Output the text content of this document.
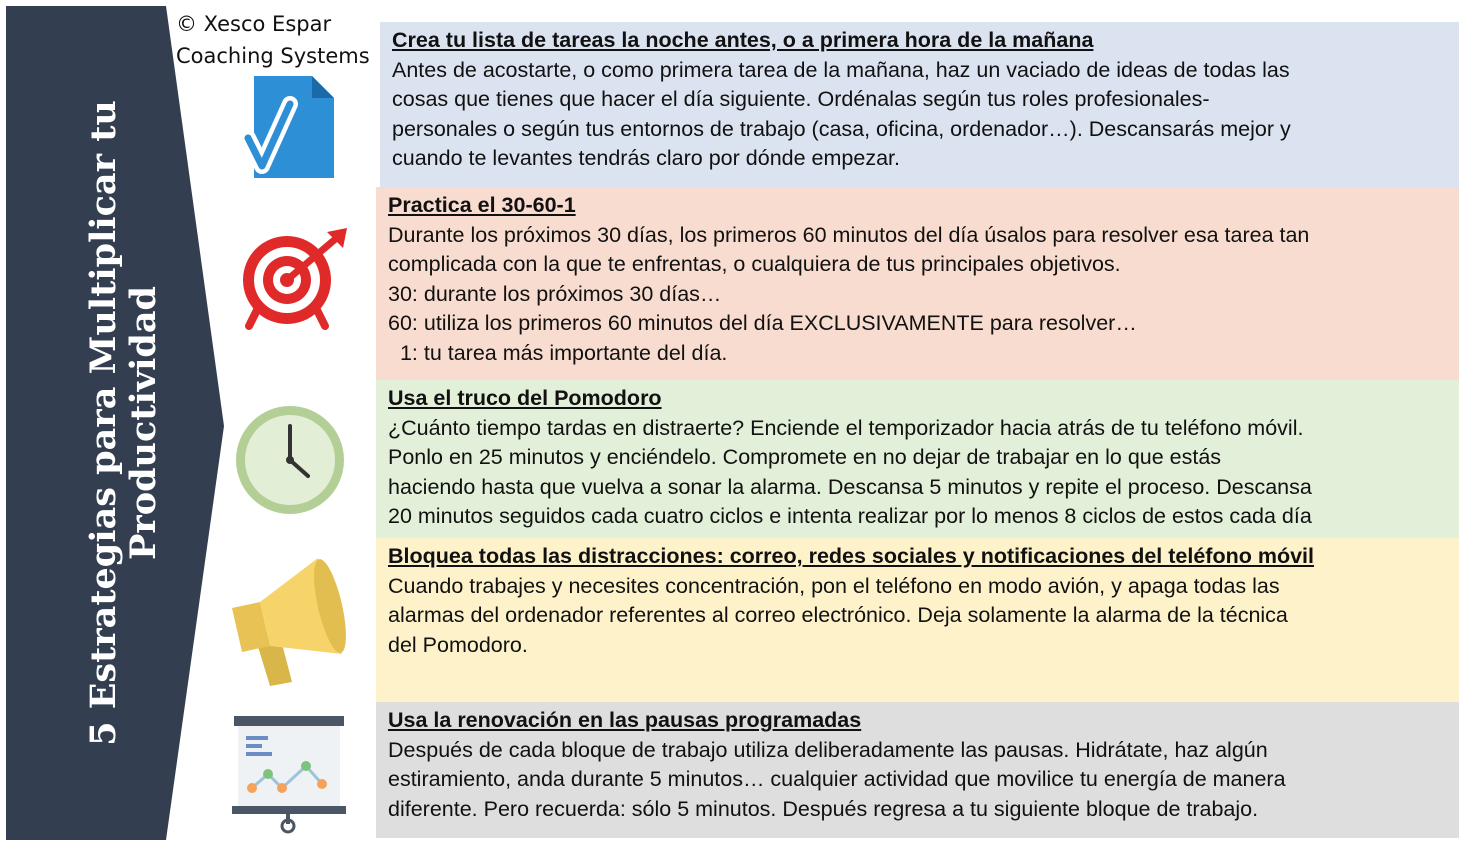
5 Estrategias para Multiplicar tu Productividad
© Xesco Espar Coaching Systems
Crea tu lista de tareas la noche antes, o a primera hora de la mañana
Antes de acostarte, o como primera tarea de la mañana, haz un vaciado de ideas de todas las
cosas que tienes que hacer el día siguiente. Ordénalas según tus roles profesionales-
personales o según tus entornos de trabajo (casa, oficina, ordenador…). Descansarás mejor y
cuando te levantes tendrás claro por dónde empezar.
Practica el 30-60-1
Durante los próximos 30 días, los primeros 60 minutos del día úsalos para resolver esa tarea tan
complicada con la que te enfrentas, o cualquiera de tus principales objetivos.
30: durante los próximos 30 días…
60: utiliza los primeros 60 minutos del día EXCLUSIVAMENTE para resolver…
1: tu tarea más importante del día.
Usa el truco del Pomodoro
¿Cuánto tiempo tardas en distraerte? Enciende el temporizador hacia atrás de tu teléfono móvil.
Ponlo en 25 minutos y enciéndelo. Compromete en no dejar de trabajar en lo que estás
haciendo hasta que vuelva a sonar la alarma. Descansa 5 minutos y repite el proceso. Descansa
20 minutos seguidos cada cuatro ciclos e intenta realizar por lo menos 8 ciclos de estos cada día
Bloquea todas las distracciones: correo, redes sociales y notificaciones del teléfono móvil
Cuando trabajes y necesites concentración, pon el teléfono en modo avión, y apaga todas las
alarmas del ordenador referentes al correo electrónico. Deja solamente la alarma de la técnica
del Pomodoro.
Usa la renovación en las pausas programadas
Después de cada bloque de trabajo utiliza deliberadamente las pausas. Hidrátate, haz algún
estiramiento, anda durante 5 minutos… cualquier actividad que movilice tu energía de manera
diferente. Pero recuerda: sólo 5 minutos. Después regresa a tu siguiente bloque de trabajo.
